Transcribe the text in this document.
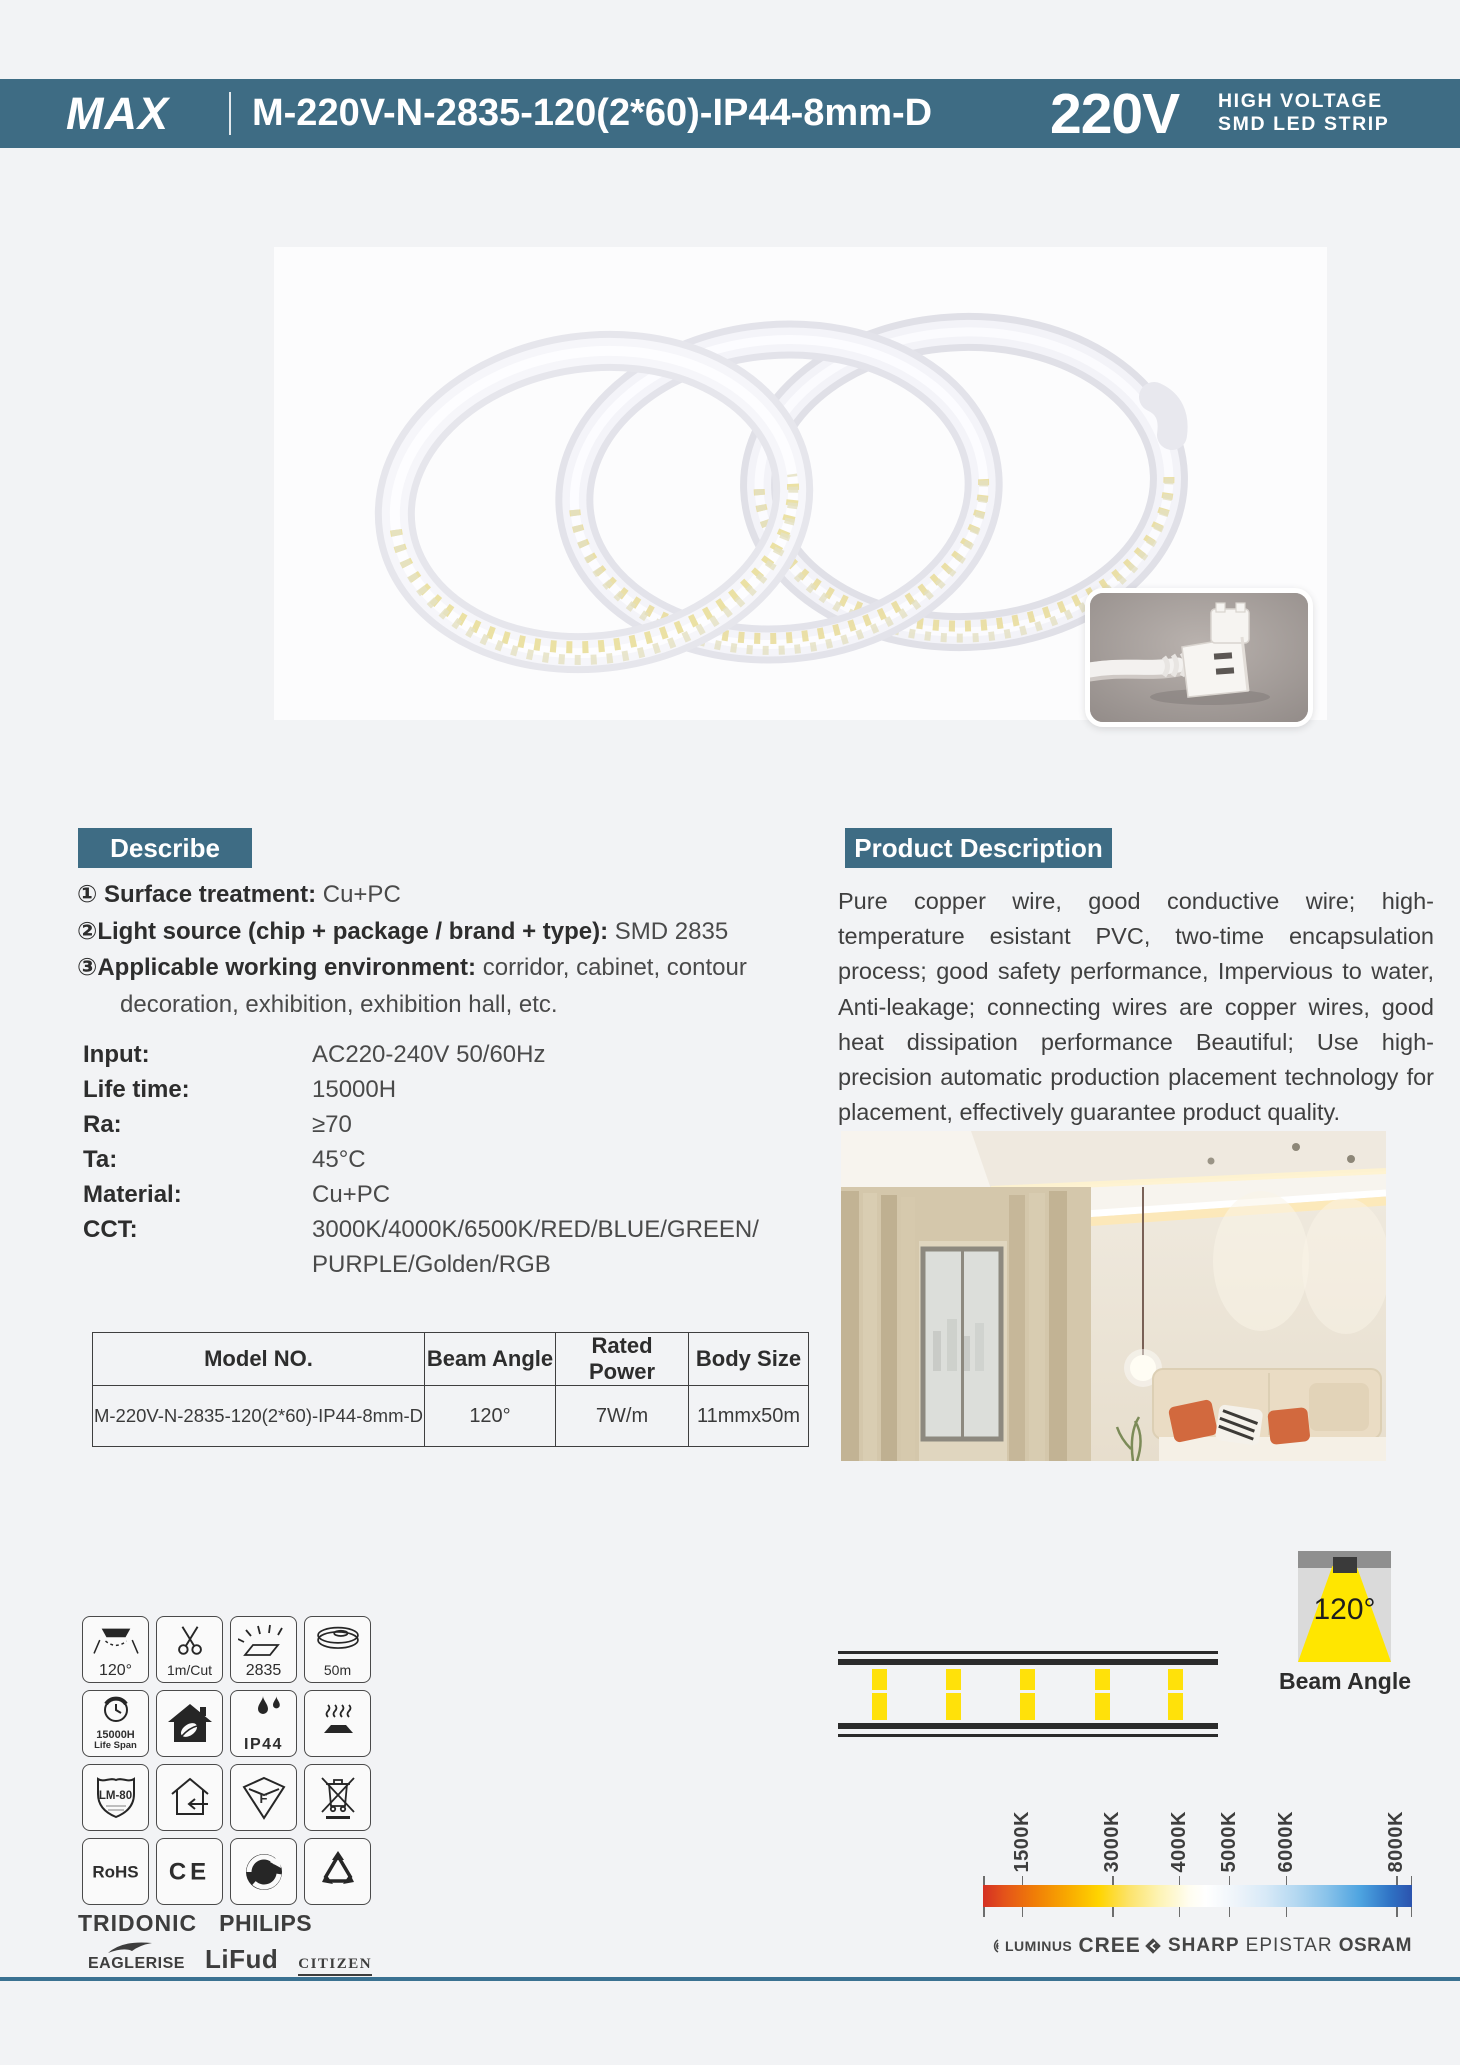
MAX M-220V-N-2835-120(2*60)-IP44-8mm-D 220V HIGH VOLTAGE
SMD LED STRIP
Describe
① Surface treatment: Cu+PC
②Light source (chip + package / brand + type): SMD 2835
③Applicable working environment: corridor, cabinet, contour decoration, exhibition, exhibition hall, etc.
Input:	AC220-240V 50/60Hz
Life time:	15000H
Ra:	≥70
Ta:	45°C
Material:	Cu+PC
CCT:	3000K/4000K/6500K/RED/BLUE/GREEN/
PURPLE/Golden/RGB
Model NO.	Beam Angle	Rated Power	Body Size
M-220V-N-2835-120(2*60)-IP44-8mm-D	120°	7W/m	11mmx50m
Product Description
Pure copper wire, good conductive wire; high-temperature esistant PVC, two-time encapsulation process; good safety performance, Impervious to water, Anti-leakage; connecting wires are copper wires, good heat dissipation performance Beautiful; Use high-precision automatic production placement technology for placement, effectively guarantee product quality.
120° 1m/Cut 2835	50m
15000H
Life Span	IP44
LM-80	F
RoHS	CE
TRIDONIC PHILIPS
EAGLERISE LiFud CITIZEN
120°
Beam Angle
1500K	3000K 4000K 5000K 6000K	8000K
LUMINUS CREE SHARP EPISTAR OSRAM
